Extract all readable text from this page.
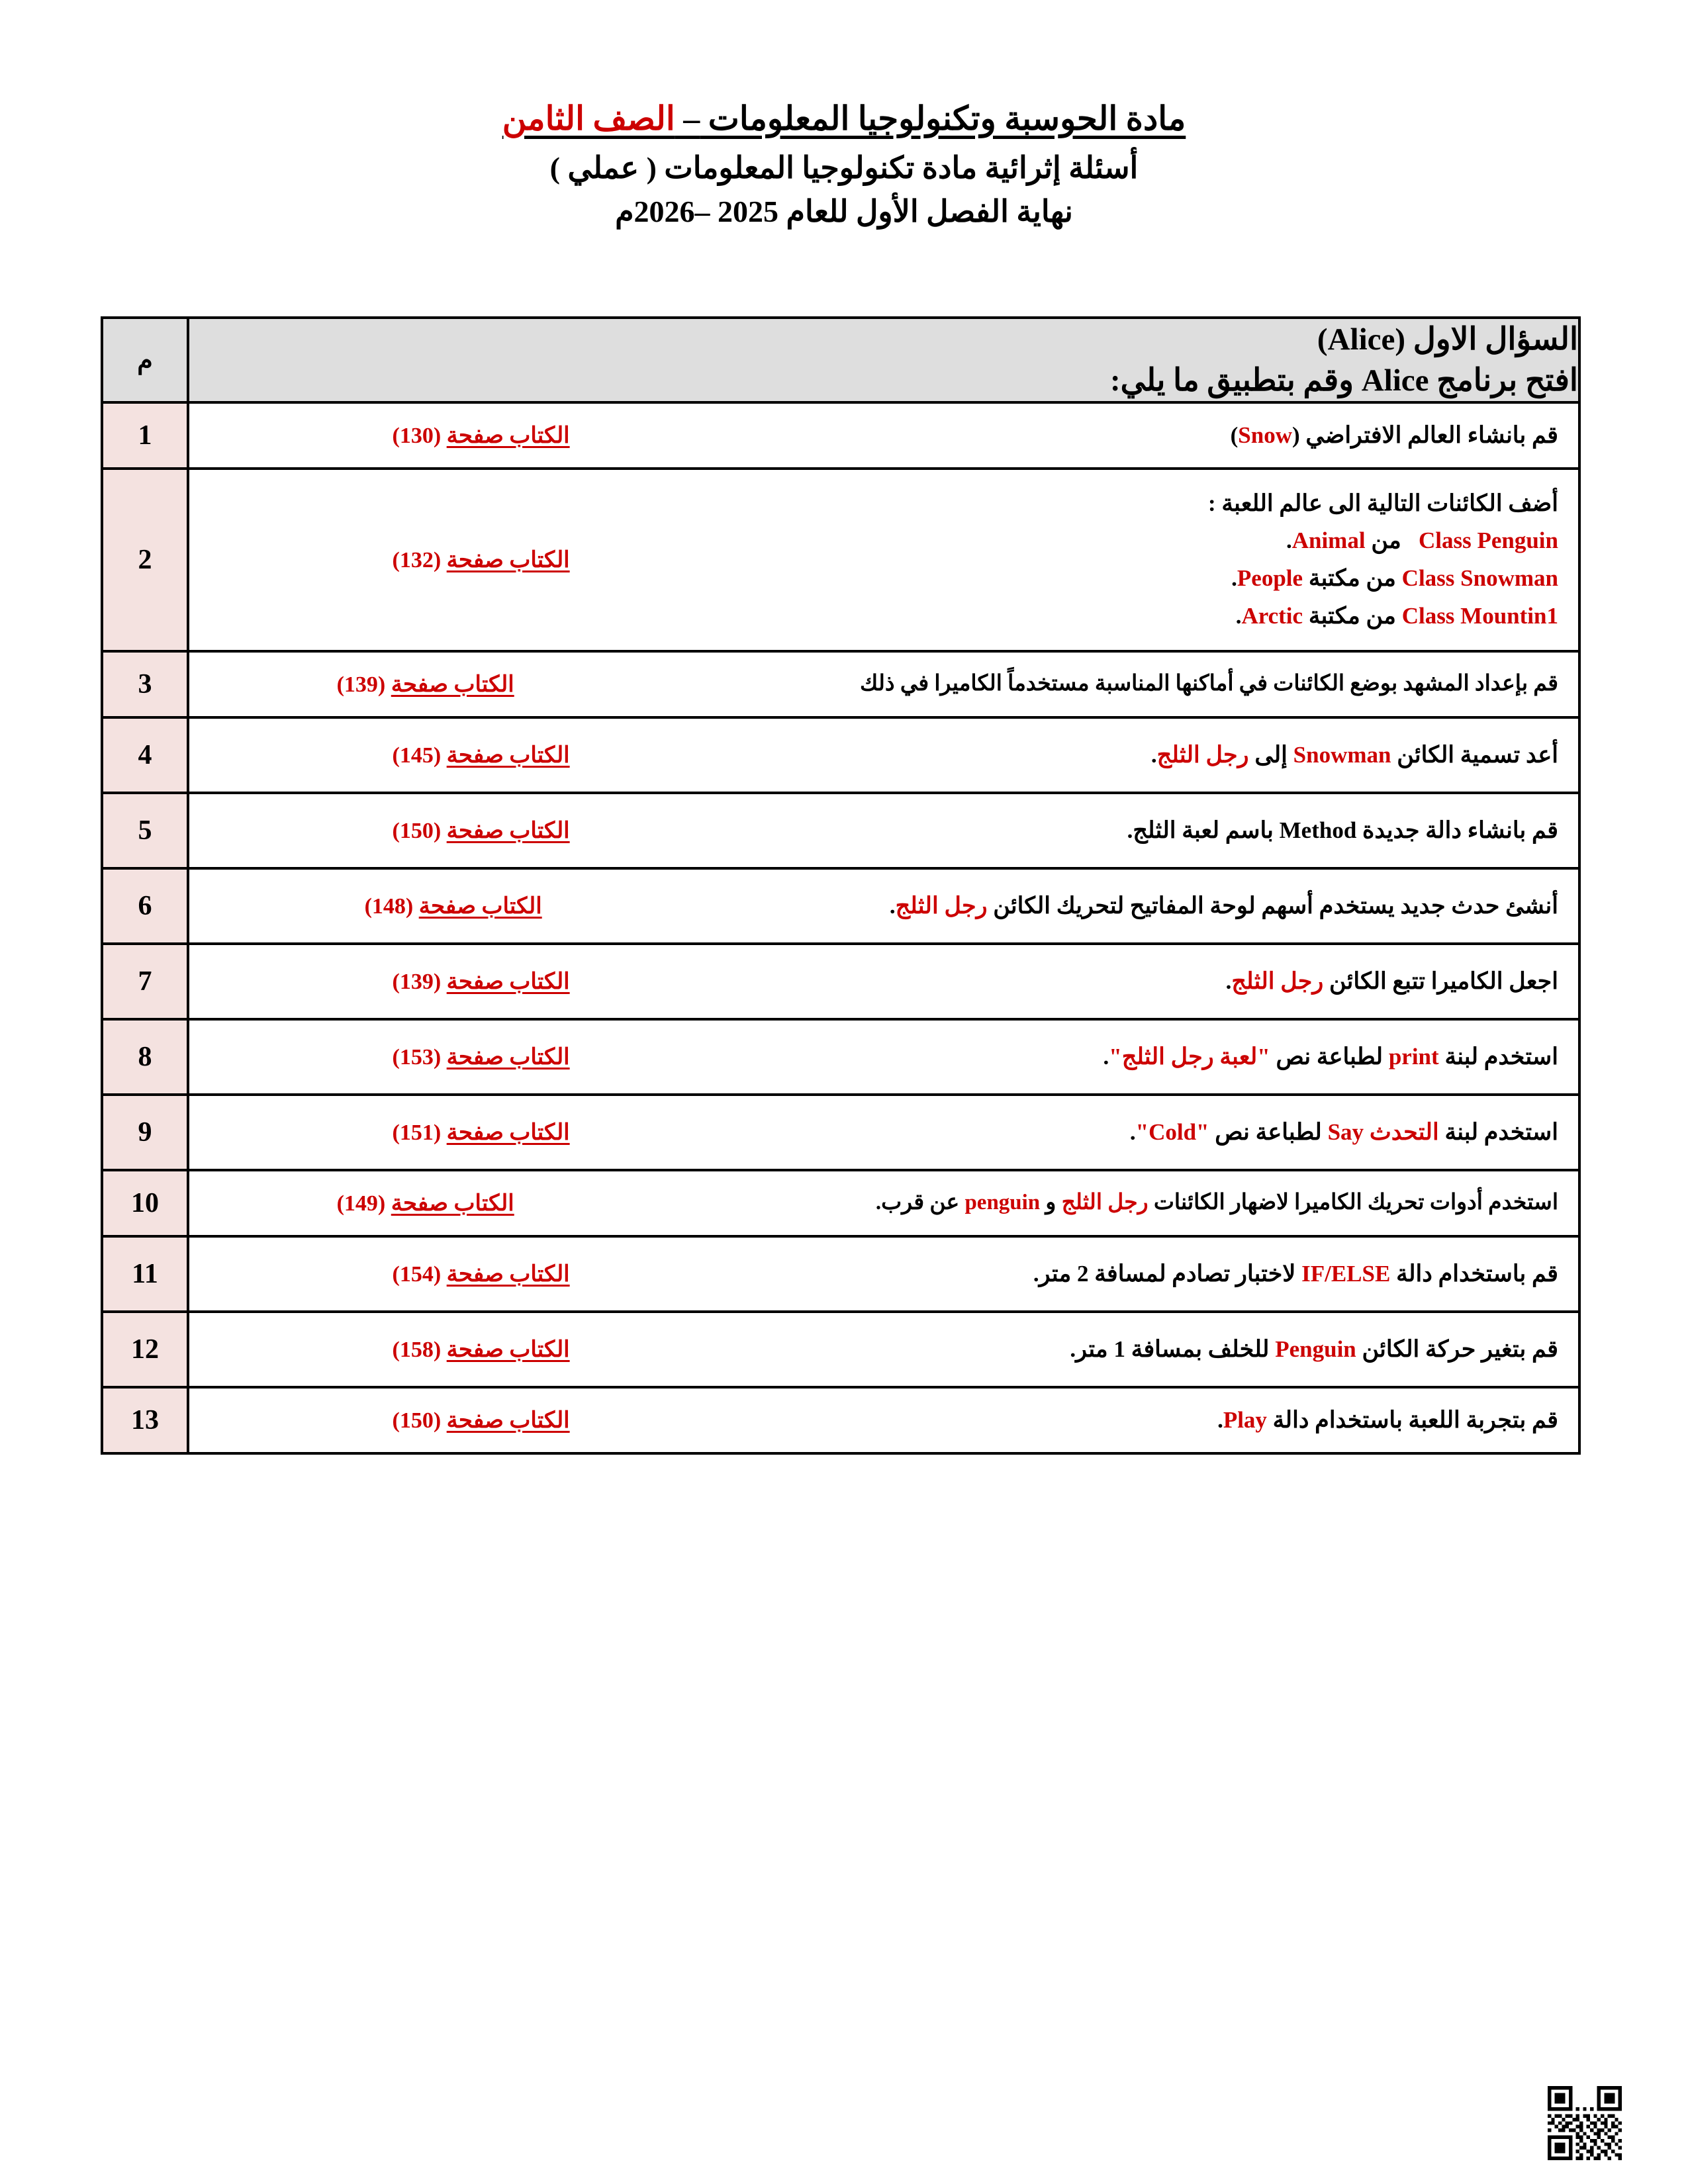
مادة الحوسبة وتكنولوجيا المعلومات – الصف الثامن
أسئلة إثرائية مادة تكنولوجيا المعلومات ( عملي )
نهاية الفصل الأول للعام 2025 –2026م
السؤال الاول (Alice)
افتح برنامج Alice وقم بتطبيق ما يلي:	م

قم بانشاء العالم الافتراضي (Snow)
الكتاب صفحة (130)	1

أضف الكائنات التالية الى عالم اللعبة :
Class Penguin   من Animal.
Class Snowman من مكتبة People.
Class Mountin1 من مكتبة Arctic.
الكتاب صفحة (132)	2

قم بإعداد المشهد بوضع الكائنات في أماكنها المناسبة مستخدماً الكاميرا في ذلك
الكتاب صفحة (139)	3

أعد تسمية الكائن Snowman إلى رجل الثلج.
الكتاب صفحة (145)	4

قم بانشاء دالة جديدة Method باسم لعبة الثلج.
الكتاب صفحة (150)	5

أنشئ حدث جديد يستخدم أسهم لوحة المفاتيح لتحريك الكائن رجل الثلج.
الكتاب صفحة (148)	6

اجعل الكاميرا تتبع الكائن رجل الثلج.
الكتاب صفحة (139)	7

استخدم لبنة print لطباعة نص "لعبة رجل الثلج".
الكتاب صفحة (153)	8

استخدم لبنة التحدث Say لطباعة نص "Cold".
الكتاب صفحة (151)	9

استخدم أدوات تحريك الكاميرا لاضهار الكائنات رجل الثلج و penguin عن قرب.
الكتاب صفحة (149)	10

قم باستخدام دالة IF/ELSE لاختبار تصادم لمسافة 2 متر.
الكتاب صفحة (154)	11

قم بتغير حركة الكائن Penguin للخلف بمسافة 1 متر.
الكتاب صفحة (158)	12

قم بتجربة اللعبة باستخدام دالة Play.
الكتاب صفحة (150)	13
